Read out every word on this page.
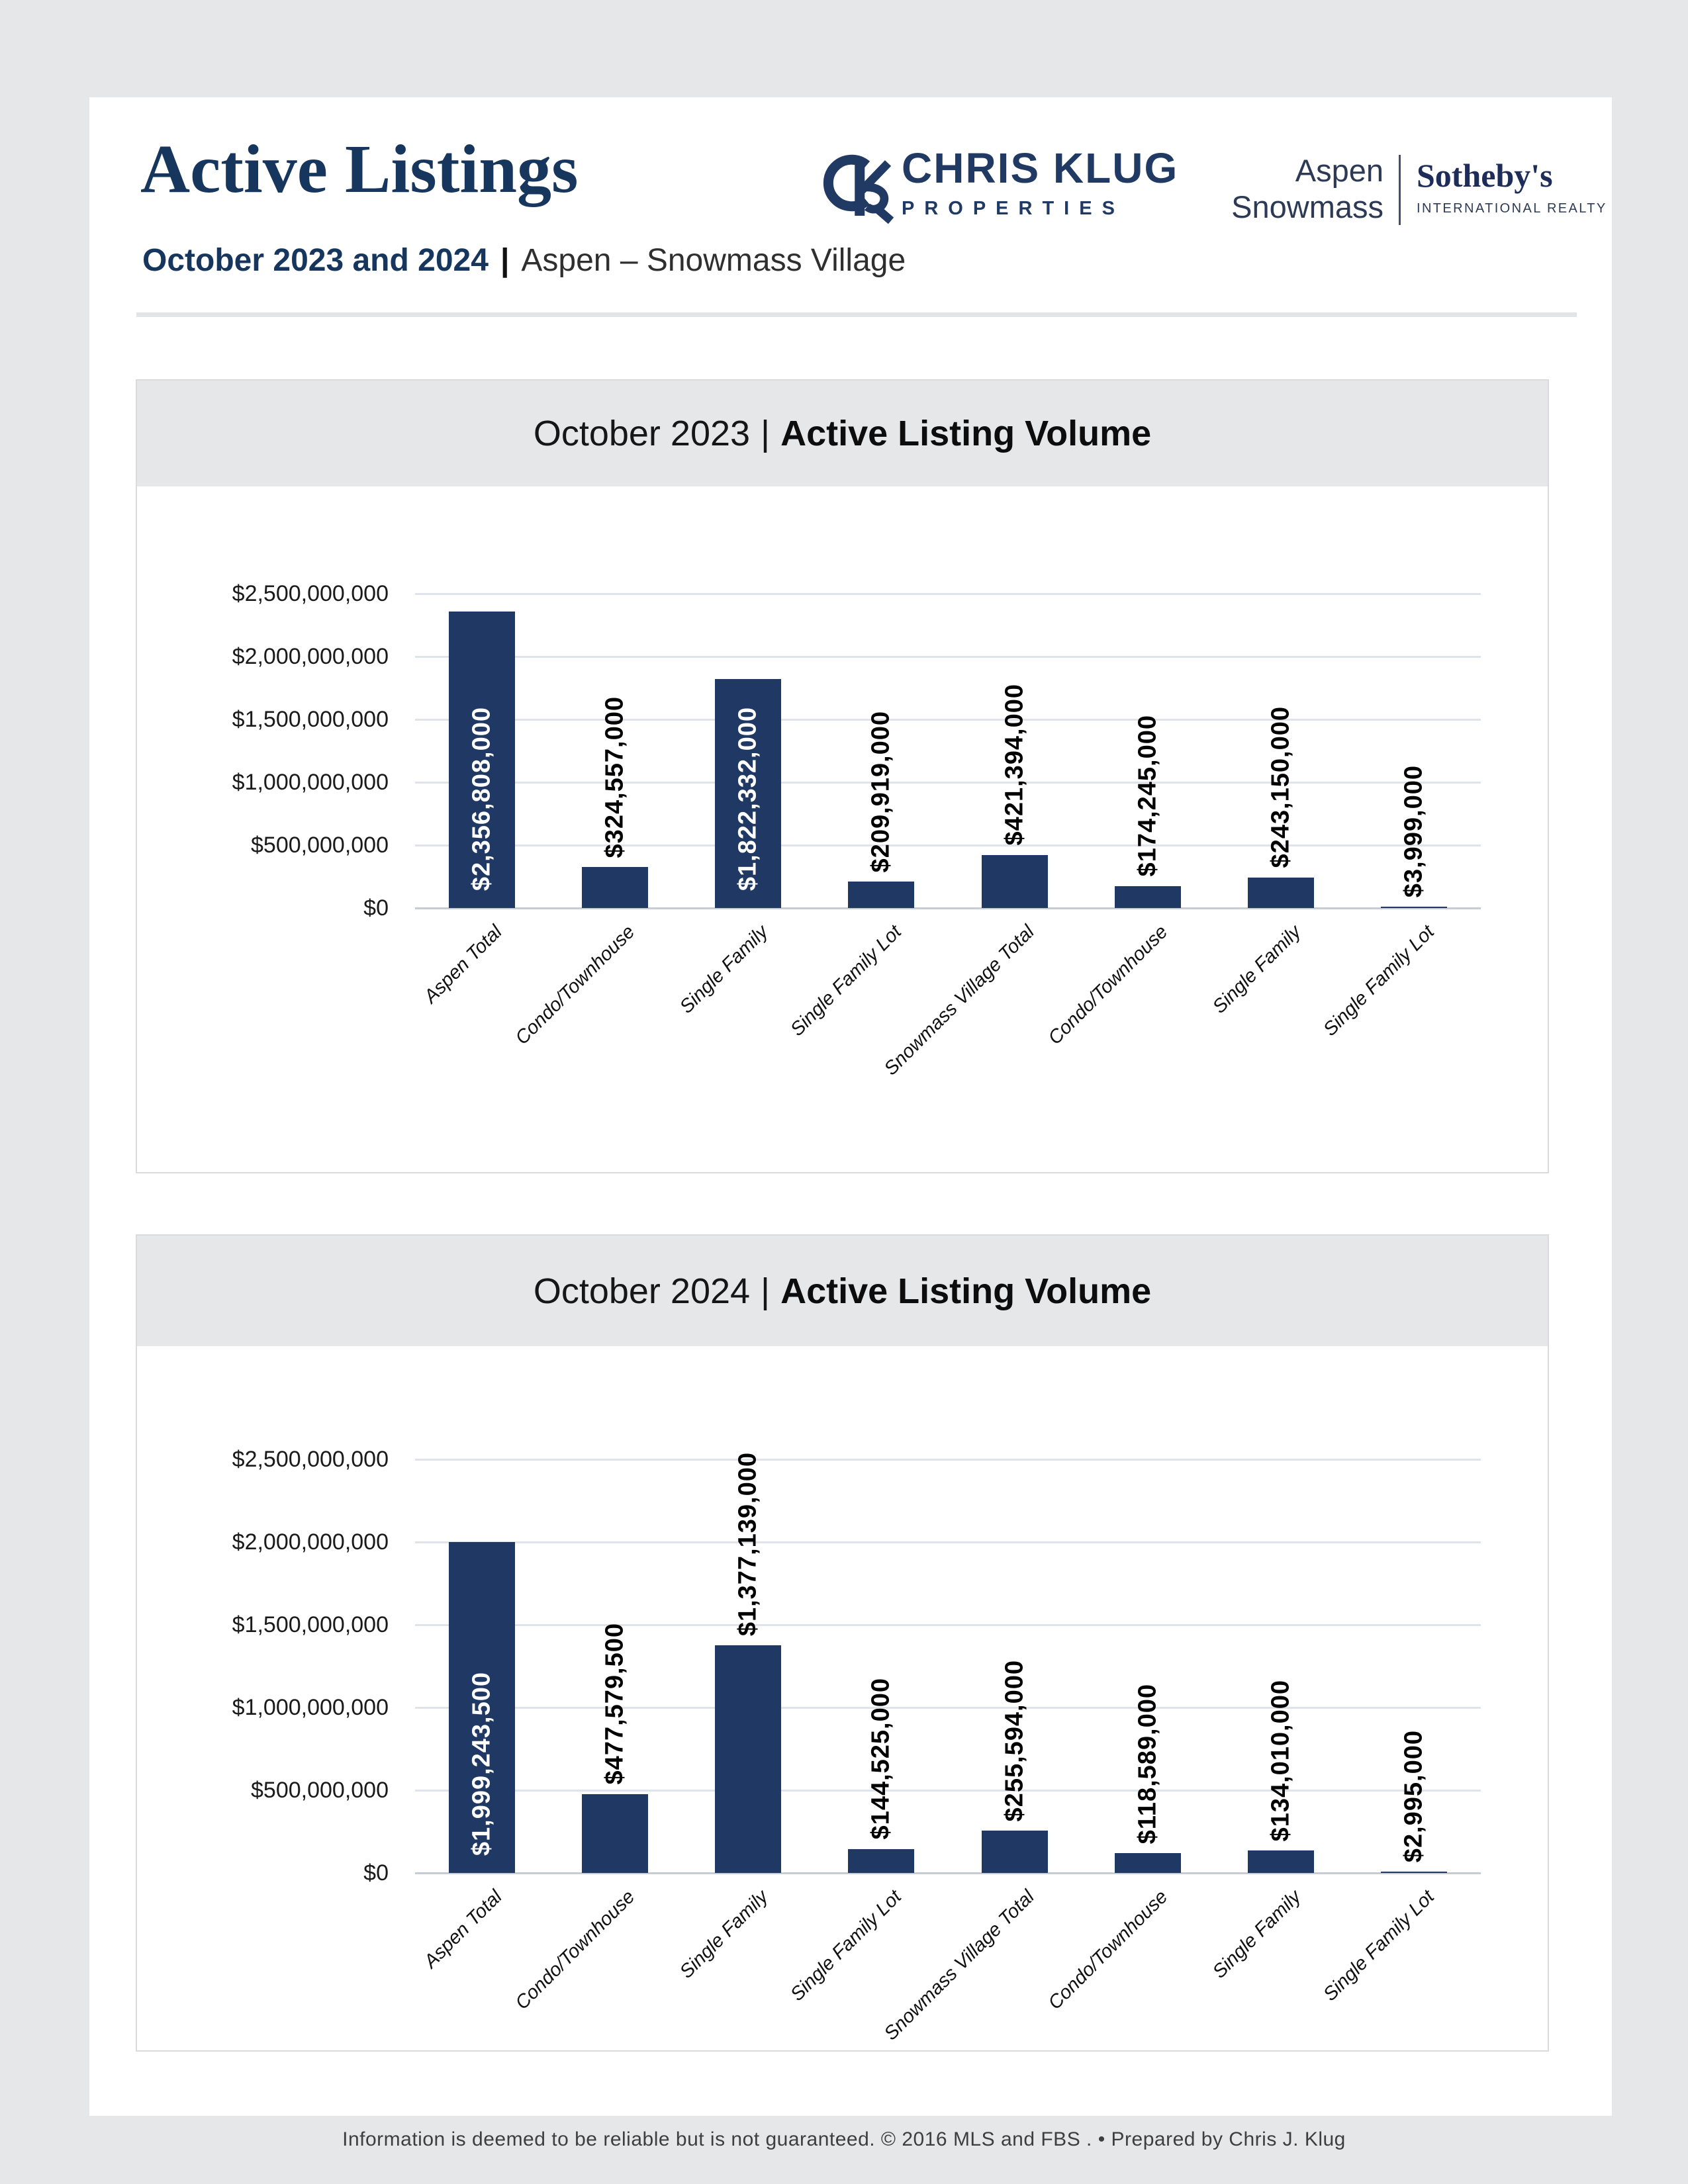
Active Listings	CHRIS KLUG
PROPERTIES
Aspen
Snowmass
Sotheby's
INTERNATIONAL REALTY
October 2023 and 2024 | Aspen – Snowmass Village
October 2023 | Active Listing Volume
$2,500,000,000
$2,000,000,000
$1,500,000,000
$1,000,000,000
$500,000,000
$0
$2,356,808,000
Aspen Total
$324,557,000
Condo/Townhouse
$1,822,332,000
Single Family
$209,919,000
Single Family Lot
$421,394,000
Snowmass Village Total
$174,245,000
Condo/Townhouse
$243,150,000
Single Family
$3,999,000
Single Family Lot
October 2024 | Active Listing Volume
$2,500,000,000
$2,000,000,000
$1,500,000,000
$1,000,000,000
$500,000,000
$0
$1,999,243,500
Aspen Total
$477,579,500
Condo/Townhouse
$1,377,139,000
Single Family
$144,525,000
Single Family Lot
$255,594,000
Snowmass Village Total
$118,589,000
Condo/Townhouse
$134,010,000
Single Family
$2,995,000
Single Family Lot
Information is deemed to be reliable but is not guaranteed. © 2016 MLS and FBS . • Prepared by Chris J. Klug
